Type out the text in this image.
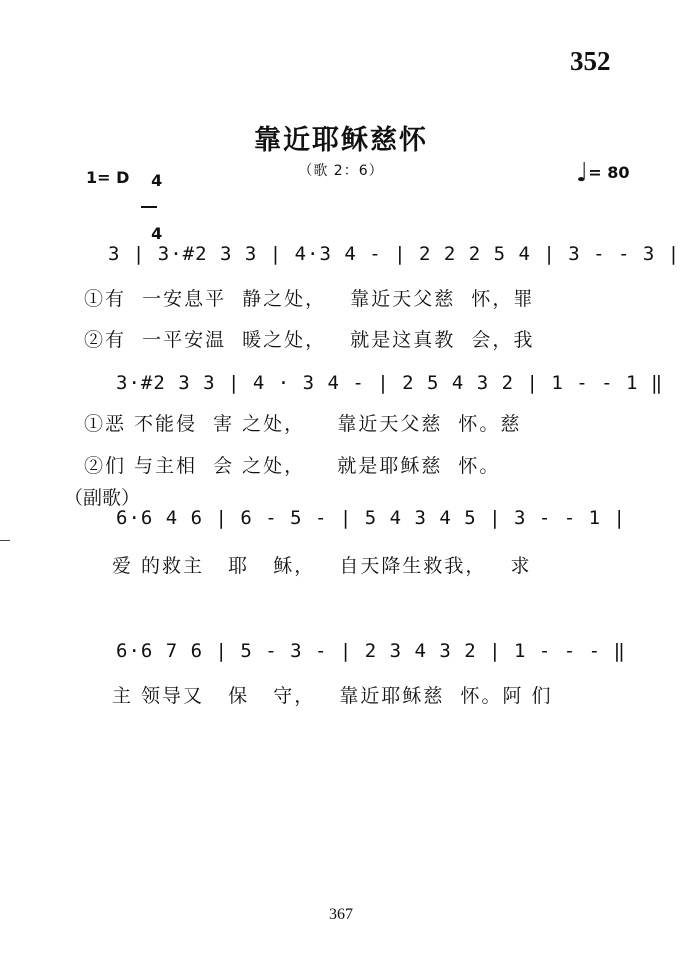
352
靠近耶稣慈怀
（歌 2：6）
1= D	4

4

♩= 80
3 | 3·#2 3 3 | 4·3 4 - | 2 2 2 5 4 | 3 - - 3 |
①有  一安息平  静之处，   靠近天父慈  怀，罪
②有  一平安温  暖之处，   就是这真教  会，我
3·#2 3 3 | 4 · 3 4 - | 2 5 4 3 2 | 1 - - 1 ‖
①恶 不能侵  害 之处，    靠近天父慈  怀。慈
②们 与主相  会 之处，    就是耶稣慈  怀。
（副歌）
6·6 4 6 | 6 - 5 - | 5 4 3 4 5 | 3 - - 1 |
爱 的救主   耶   稣，   自天降生救我，   求
6·6 7 6 | 5 - 3 - | 2 3 4 3 2 | 1 - - - ‖
主 领导又   保   守，   靠近耶稣慈  怀。阿 们
367
